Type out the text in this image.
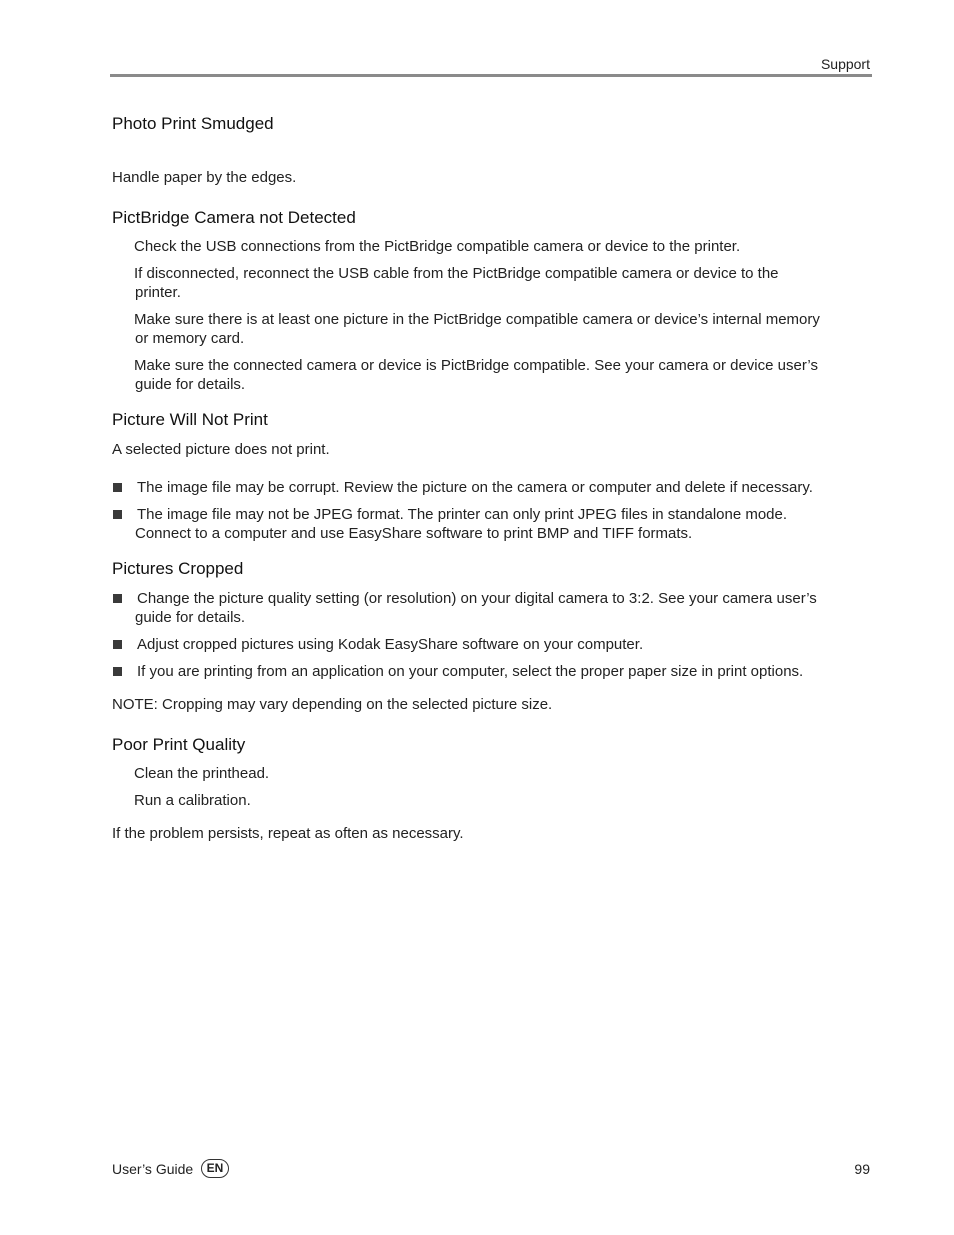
Support
Photo Print Smudged
Handle paper by the edges.
PictBridge Camera not Detected
Check the USB connections from the PictBridge compatible camera or device to the printer.
If disconnected, reconnect the USB cable from the PictBridge compatible camera or device to the
printer.
Make sure there is at least one picture in the PictBridge compatible camera or device’s internal memory
or memory card.
Make sure the connected camera or device is PictBridge compatible. See your camera or device user’s
guide for details.
Picture Will Not Print
A selected picture does not print.
The image file may be corrupt. Review the picture on the camera or computer and delete if necessary.
The image file may not be JPEG format. The printer can only print JPEG files in standalone mode.
Connect to a computer and use EasyShare software to print BMP and TIFF formats.
Pictures Cropped
Change the picture quality setting (or resolution) on your digital camera to 3:2. See your camera user’s
guide for details.
Adjust cropped pictures using Kodak EasyShare software on your computer.
If you are printing from an application on your computer, select the proper paper size in print options.
NOTE: Cropping may vary depending on the selected picture size.
Poor Print Quality
Clean the printhead.
Run a calibration.
If the problem persists, repeat as often as necessary.
User’s Guide	EN	99
